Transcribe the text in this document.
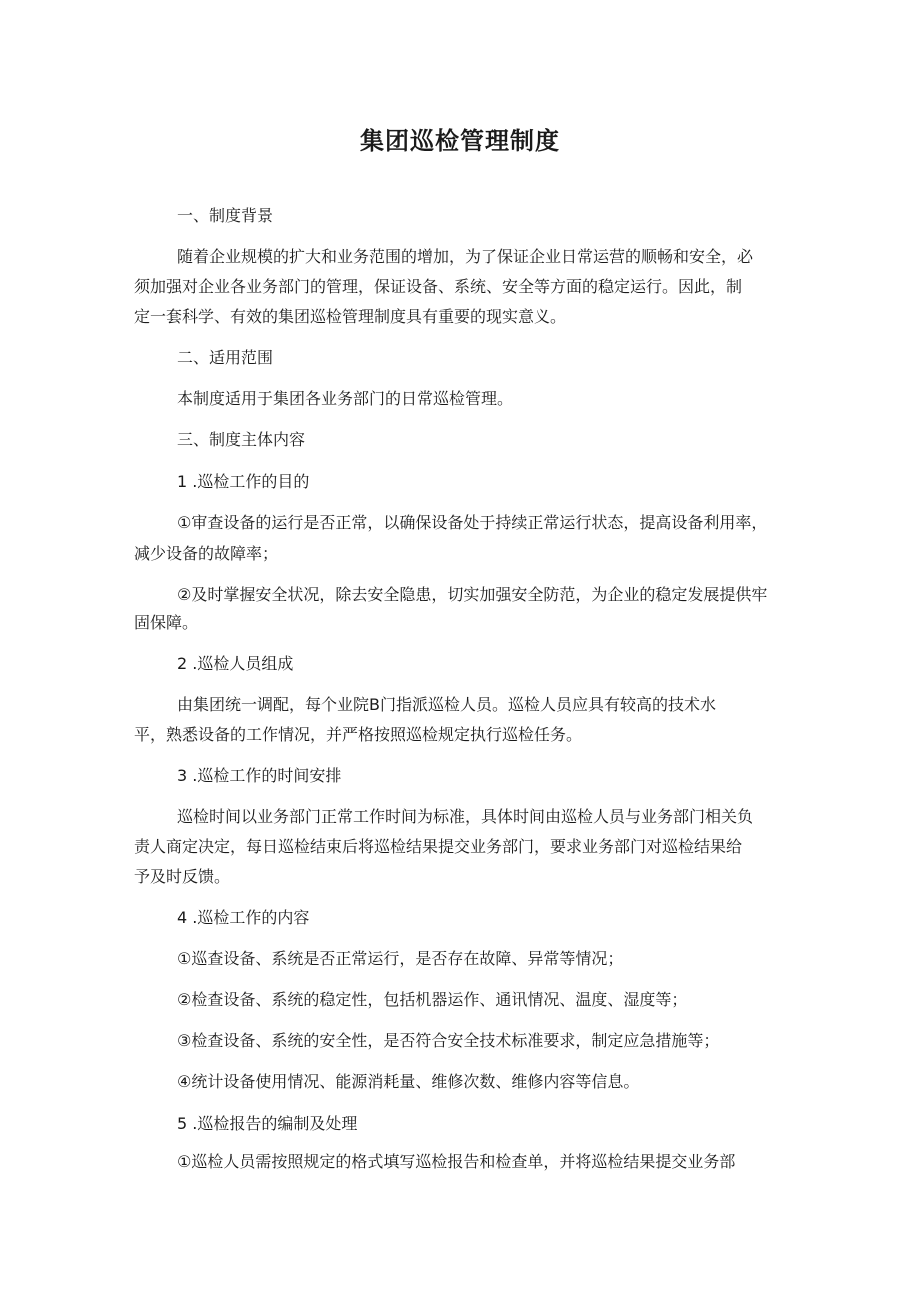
集团巡检管理制度
一、制度背景
随着企业规模的扩大和业务范围的增加，为了保证企业日常运营的顺畅和安全，必
须加强对企业各业务部门的管理，保证设备、系统、安全等方面的稳定运行。因此，制
定一套科学、有效的集团巡检管理制度具有重要的现实意义。
二、适用范围
本制度适用于集团各业务部门的日常巡检管理。
三、制度主体内容
1 .巡检工作的目的
①审查设备的运行是否正常，以确保设备处于持续正常运行状态，提高设备利用率，
减少设备的故障率；
②及时掌握安全状况，除去安全隐患，切实加强安全防范，为企业的稳定发展提供牢
固保障。
2 .巡检人员组成
由集团统一调配，每个业院B门指派巡检人员。巡检人员应具有较高的技术水
平，熟悉设备的工作情况，并严格按照巡检规定执行巡检任务。
3 .巡检工作的时间安排
巡检时间以业务部门正常工作时间为标准，具体时间由巡检人员与业务部门相关负
责人商定决定，每日巡检结束后将巡检结果提交业务部门，要求业务部门对巡检结果给
予及时反馈。
4 .巡检工作的内容
①巡查设备、系统是否正常运行，是否存在故障、异常等情况；
②检查设备、系统的稳定性，包括机器运作、通讯情况、温度、湿度等；
③检查设备、系统的安全性，是否符合安全技术标准要求，制定应急措施等；
④统计设备使用情况、能源消耗量、维修次数、维修内容等信息。
5 .巡检报告的编制及处理
①巡检人员需按照规定的格式填写巡检报告和检查单，并将巡检结果提交业务部
